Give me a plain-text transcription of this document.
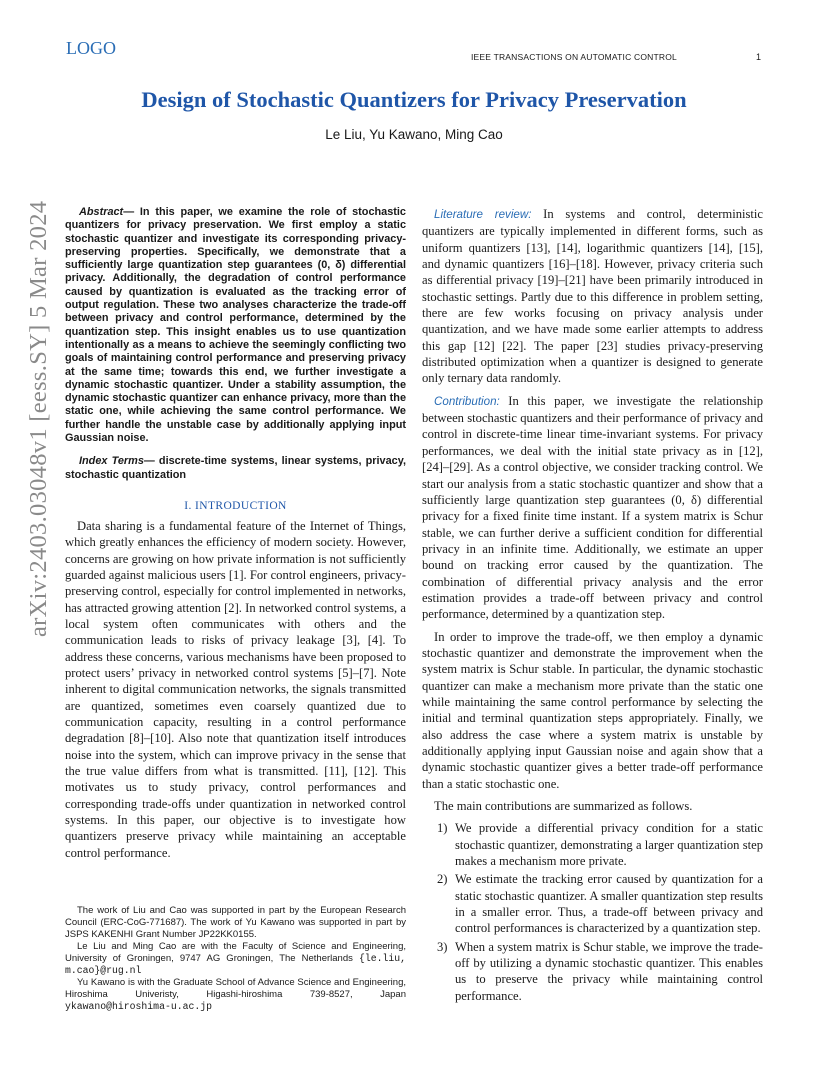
LOGO	IEEE TRANSACTIONS ON AUTOMATIC CONTROL	1
Design of Stochastic Quantizers for Privacy Preservation
Le Liu, Yu Kawano, Ming Cao
arXiv:2403.03048v1 [eess.SY] 5 Mar 2024	Abstract— In this paper, we examine the role of stochastic quantizers for privacy preservation. We first employ a static stochastic quantizer and investigate its corresponding privacy-preserving properties. Specifically, we demonstrate that a sufficiently large quantization step guarantees (0, δ) differential privacy. Additionally, the degradation of control performance caused by quantization is evaluated as the tracking error of output regulation. These two analyses characterize the trade-off between privacy and control performance, determined by the quantization step. This insight enables us to use quantization intentionally as a means to achieve the seemingly conflicting two goals of maintaining control performance and preserving privacy at the same time; towards this end, we further investigate a dynamic stochastic quantizer. Under a stability assumption, the dynamic stochastic quantizer can enhance privacy, more than the static one, while achieving the same control performance. We further handle the unstable case by additionally applying input Gaussian noise.

Index Terms— discrete-time systems, linear systems, privacy, stochastic quantization

I. INTRODUCTION

Data sharing is a fundamental feature of the Internet of Things, which greatly enhances the efficiency of modern society. However, concerns are growing on how private information is not sufficiently guarded against malicious users [1]. For control engineers, privacy-preserving control, especially for control implemented in networks, has attracted growing attention [2]. In networked control systems, a local system often communicates with others and the communication leads to risks of privacy leakage [3], [4]. To address these concerns, various mechanisms have been proposed to protect users’ privacy in networked control systems [5]–[7]. Note inherent to digital communication networks, the signals transmitted are quantized, sometimes even coarsely quantized due to communication capacity, resulting in a control performance degradation [8]–[10]. Also note that quantization itself introduces noise into the system, which can improve privacy in the sense that the true value differs from what is transmitted. [11], [12]. This motivates us to study privacy, control performances and corresponding trade-offs under quantization in networked control systems. In this paper, our objective is to investigate how quantizers preserve privacy while maintaining an acceptable control performance.

The work of Liu and Cao was supported in part by the European Research Council (ERC-CoG-771687). The work of Yu Kawano was supported in part by JSPS KAKENHI Grant Number JP22KK0155.

Le Liu and Ming Cao are with the Faculty of Science and Engineering, University of Groningen, 9747 AG Groningen, The Netherlands {le.liu, m.cao}@rug.nl

Yu Kawano is with the Graduate School of Advance Science and Engineering, Hiroshima Univeristy, Higashi-hiroshima 739-8527, Japan ykawano@hiroshima-u.ac.jp

Literature review: In systems and control, deterministic quantizers are typically implemented in different forms, such as uniform quantizers [13], [14], logarithmic quantizers [14], [15], and dynamic quantizers [16]–[18]. However, privacy criteria such as differential privacy [19]–[21] have been primarily introduced in stochastic settings. Partly due to this difference in problem setting, there are few works focusing on privacy analysis under quantization, and we have made some earlier attempts to address this gap [12] [22]. The paper [23] studies privacy-preserving distributed optimization when a quantizer is designed to generate only ternary data randomly.

Contribution: In this paper, we investigate the relationship between stochastic quantizers and their performance of privacy and control in discrete-time linear time-invariant systems. For privacy performances, we deal with the initial state privacy as in [12], [24]–[29]. As a control objective, we consider tracking control. We start our analysis from a static stochastic quantizer and show that a sufficiently large quantization step guarantees (0, δ) differential privacy for a fixed finite time instant. If a system matrix is Schur stable, we can further derive a sufficient condition for differential privacy in an infinite time. Additionally, we estimate an upper bound on tracking error caused by the quantization. The combination of differential privacy analysis and the error estimation provides a trade-off between privacy and control performance, determined by a quantization step.

In order to improve the trade-off, we then employ a dynamic stochastic quantizer and demonstrate the improvement when the system matrix is Schur stable. In particular, the dynamic stochastic quantizer can make a mechanism more private than the static one while maintaining the same control performance by selecting the initial and terminal quantization steps appropriately. Finally, we also address the case where a system matrix is unstable by additionally applying input Gaussian noise and again show that a dynamic stochastic quantizer gives a better trade-off performance than a static stochastic one.

The main contributions are summarized as follows.

1) We provide a differential privacy condition for a static stochastic quantizer, demonstrating a larger quantization step makes a mechanism more private.
2) We estimate the tracking error caused by quantization for a static stochastic quantizer. A smaller quantization step results in a smaller error. Thus, a trade-off between privacy and control performances is characterized by a quantization step.
3) When a system matrix is Schur stable, we improve the trade-off by utilizing a dynamic stochastic quantizer. This enables us to preserve the privacy while maintaining control performance.
